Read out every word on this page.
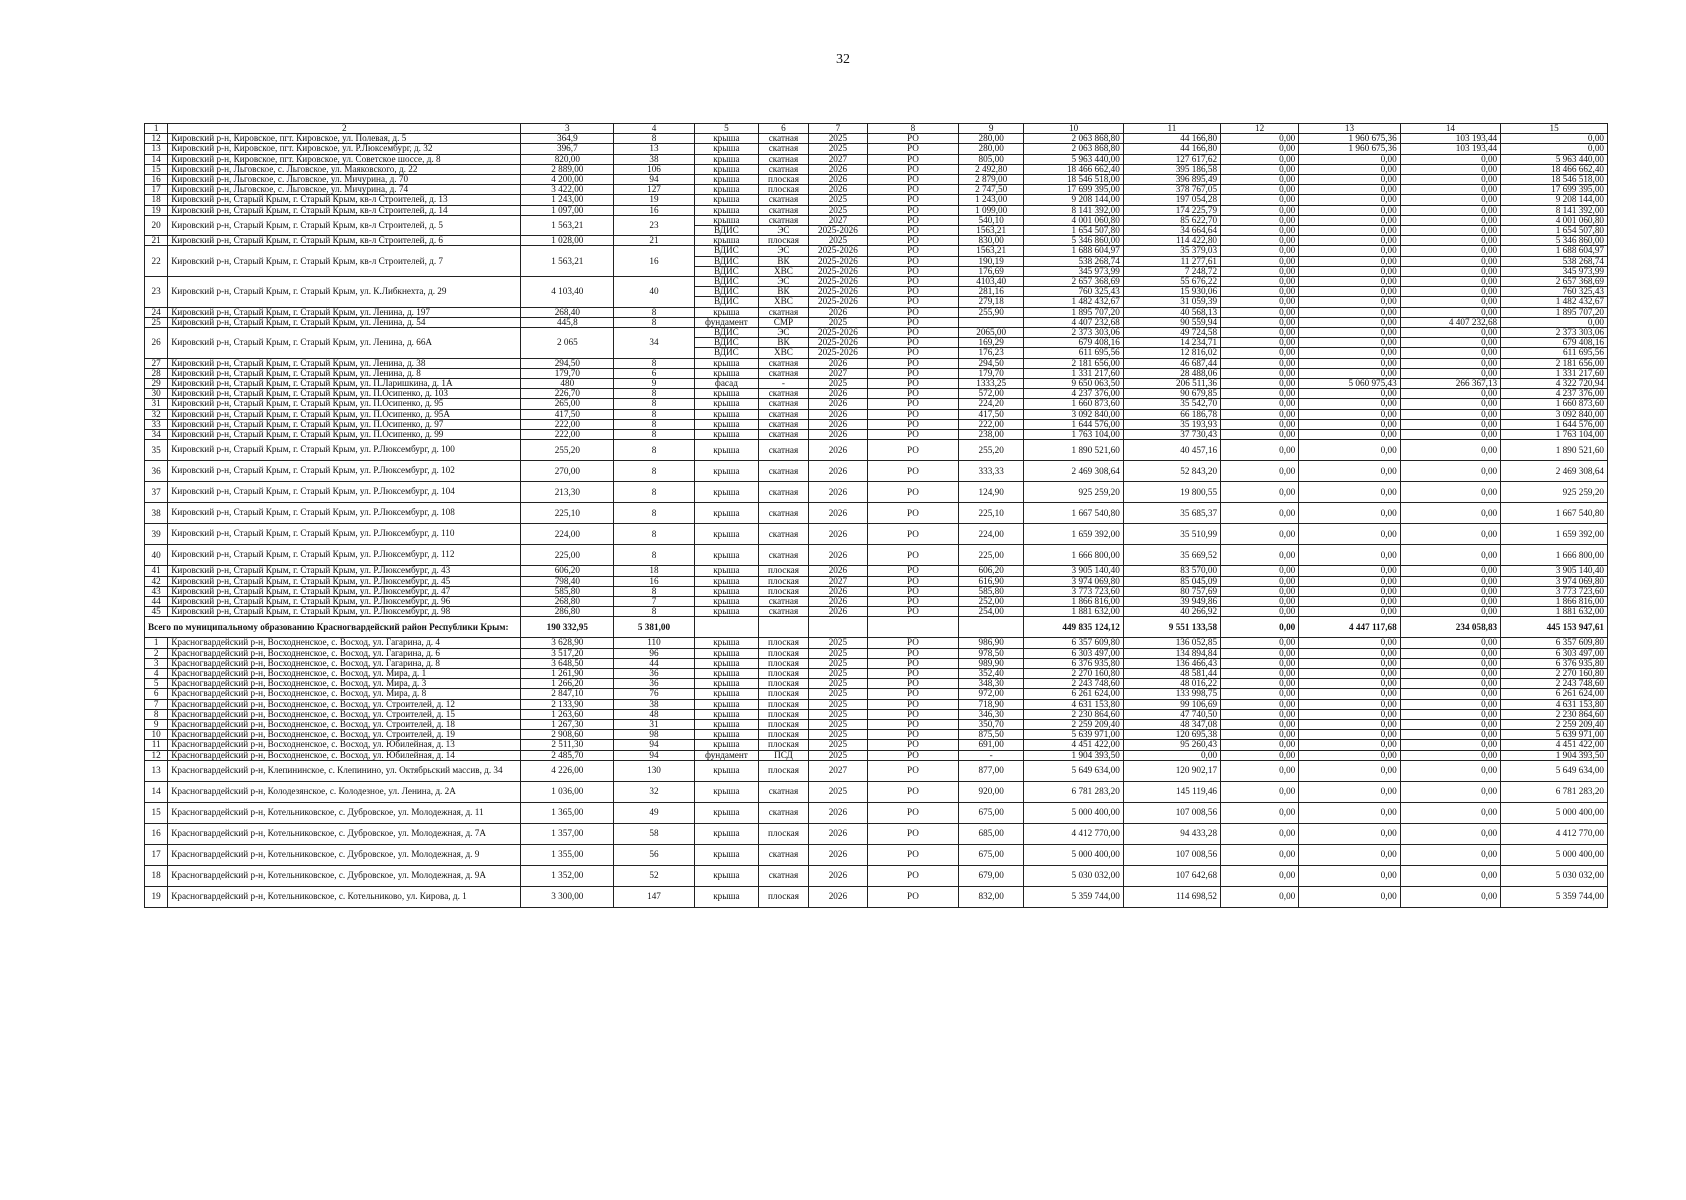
32
1	2	3	4	5	6	7	8	9	10	11	12	13	14	15
12	Кировский р-н, Кировское, пгт. Кировское, ул. Полевая, д. 5	364,9	8	крыша	скатная	2025	РО	280,00	2 063 868,80	44 166,80	0,00	1 960 675,36	103 193,44	0,00
13	Кировский р-н, Кировское, пгт. Кировское, ул. Р.Люксембург, д. 32	396,7	13	крыша	скатная	2025	РО	280,00	2 063 868,80	44 166,80	0,00	1 960 675,36	103 193,44	0,00
14	Кировский р-н, Кировское, пгт. Кировское, ул. Советское шоссе, д. 8	820,00	38	крыша	скатная	2027	РО	805,00	5 963 440,00	127 617,62	0,00	0,00	0,00	5 963 440,00
15	Кировский р-н, Льговское, с. Льговское, ул. Маяковского, д. 22	2 889,00	106	крыша	скатная	2026	РО	2 492,80	18 466 662,40	395 186,58	0,00	0,00	0,00	18 466 662,40
16	Кировский р-н, Льговское, с. Льговское, ул. Мичурина, д. 70	4 200,00	94	крыша	плоская	2026	РО	2 879,00	18 546 518,00	396 895,49	0,00	0,00	0,00	18 546 518,00
17	Кировский р-н, Льговское, с. Льговское, ул. Мичурина, д. 74	3 422,00	127	крыша	плоская	2026	РО	2 747,50	17 699 395,00	378 767,05	0,00	0,00	0,00	17 699 395,00
18	Кировский р-н, Старый Крым, г. Старый Крым, кв-л Строителей, д. 13	1 243,00	19	крыша	скатная	2025	РО	1 243,00	9 208 144,00	197 054,28	0,00	0,00	0,00	9 208 144,00
19	Кировский р-н, Старый Крым, г. Старый Крым, кв-л Строителей, д. 14	1 097,00	16	крыша	скатная	2025	РО	1 099,00	8 141 392,00	174 225,79	0,00	0,00	0,00	8 141 392,00
20	Кировский р-н, Старый Крым, г. Старый Крым, кв-л Строителей, д. 5	1 563,21	23	крыша	скатная	2027	РО	540,10	4 001 060,80	85 622,70	0,00	0,00	0,00	4 001 060,80
				ВДИС	ЭС	2025-2026	РО	1563,21	1 654 507,80	34 664,64	0,00	0,00	0,00	1 654 507,80
21	Кировский р-н, Старый Крым, г. Старый Крым, кв-л Строителей, д. 6	1 028,00	21	крыша	плоская	2025	РО	830,00	5 346 860,00	114 422,80	0,00	0,00	0,00	5 346 860,00
22	Кировский р-н, Старый Крым, г. Старый Крым, кв-л Строителей, д. 7	1 563,21	16	ВДИС	ЭС	2025-2026	РО	1563,21	1 688 604,97	35 379,03	0,00	0,00	0,00	1 688 604,97
				ВДИС	ВК	2025-2026	РО	190,19	538 268,74	11 277,61	0,00	0,00	0,00	538 268,74
				ВДИС	ХВС	2025-2026	РО	176,69	345 973,99	7 248,72	0,00	0,00	0,00	345 973,99
23	Кировский р-н, Старый Крым, г. Старый Крым, ул. К.Либкнехта, д. 29	4 103,40	40	ВДИС	ЭС	2025-2026	РО	4103,40	2 657 368,69	55 676,22	0,00	0,00	0,00	2 657 368,69
				ВДИС	ВК	2025-2026	РО	281,16	760 325,43	15 930,06	0,00	0,00	0,00	760 325,43
				ВДИС	ХВС	2025-2026	РО	279,18	1 482 432,67	31 059,39	0,00	0,00	0,00	1 482 432,67
24	Кировский р-н, Старый Крым, г. Старый Крым, ул. Ленина, д. 197	268,40	8	крыша	скатная	2026	РО	255,90	1 895 707,20	40 568,13	0,00	0,00	0,00	1 895 707,20
25	Кировский р-н, Старый Крым, г. Старый Крым, ул. Ленина, д. 54	445,8	8	фундамент	СМР	2025	РО		4 407 232,68	90 559,94	0,00	0,00	4 407 232,68	0,00
26	Кировский р-н, Старый Крым, г. Старый Крым, ул. Ленина, д. 66А	2 065	34	ВДИС	ЭС	2025-2026	РО	2065,00	2 373 303,06	49 724,58	0,00	0,00	0,00	2 373 303,06
				ВДИС	ВК	2025-2026	РО	169,29	679 408,16	14 234,71	0,00	0,00	0,00	679 408,16
				ВДИС	ХВС	2025-2026	РО	176,23	611 695,56	12 816,02	0,00	0,00	0,00	611 695,56
27	Кировский р-н, Старый Крым, г. Старый Крым, ул. Ленина, д. 38	294,50	8	крыша	скатная	2026	РО	294,50	2 181 656,00	46 687,44	0,00	0,00	0,00	2 181 656,00
28	Кировский р-н, Старый Крым, г. Старый Крым, ул. Ленина, д. 8	179,70	6	крыша	скатная	2027	РО	179,70	1 331 217,60	28 488,06	0,00	0,00	0,00	1 331 217,60
29	Кировский р-н, Старый Крым, г. Старый Крым, ул. П.Ларишкина, д. 1А	480	9	фасад	-	2025	РО	1333,25	9 650 063,50	206 511,36	0,00	5 060 975,43	266 367,13	4 322 720,94
30	Кировский р-н, Старый Крым, г. Старый Крым, ул. П.Осипенко, д. 103	226,70	8	крыша	скатная	2026	РО	572,00	4 237 376,00	90 679,85	0,00	0,00	0,00	4 237 376,00
31	Кировский р-н, Старый Крым, г. Старый Крым, ул. П.Осипенко, д. 95	265,00	8	крыша	скатная	2026	РО	224,20	1 660 873,60	35 542,70	0,00	0,00	0,00	1 660 873,60
32	Кировский р-н, Старый Крым, г. Старый Крым, ул. П.Осипенко, д. 95А	417,50	8	крыша	скатная	2026	РО	417,50	3 092 840,00	66 186,78	0,00	0,00	0,00	3 092 840,00
33	Кировский р-н, Старый Крым, г. Старый Крым, ул. П.Осипенко, д. 97	222,00	8	крыша	скатная	2026	РО	222,00	1 644 576,00	35 193,93	0,00	0,00	0,00	1 644 576,00
34	Кировский р-н, Старый Крым, г. Старый Крым, ул. П.Осипенко, д. 99	222,00	8	крыша	скатная	2026	РО	238,00	1 763 104,00	37 730,43	0,00	0,00	0,00	1 763 104,00
35	Кировский р-н, Старый Крым, г. Старый Крым, ул. Р.Люксембург, д. 100	255,20	8	крыша	скатная	2026	РО	255,20	1 890 521,60	40 457,16	0,00	0,00	0,00	1 890 521,60
36	Кировский р-н, Старый Крым, г. Старый Крым, ул. Р.Люксембург, д. 102	270,00	8	крыша	скатная	2026	РО	333,33	2 469 308,64	52 843,20	0,00	0,00	0,00	2 469 308,64
37	Кировский р-н, Старый Крым, г. Старый Крым, ул. Р.Люксембург, д. 104	213,30	8	крыша	скатная	2026	РО	124,90	925 259,20	19 800,55	0,00	0,00	0,00	925 259,20
38	Кировский р-н, Старый Крым, г. Старый Крым, ул. Р.Люксембург, д. 108	225,10	8	крыша	скатная	2026	РО	225,10	1 667 540,80	35 685,37	0,00	0,00	0,00	1 667 540,80
39	Кировский р-н, Старый Крым, г. Старый Крым, ул. Р.Люксембург, д. 110	224,00	8	крыша	скатная	2026	РО	224,00	1 659 392,00	35 510,99	0,00	0,00	0,00	1 659 392,00
40	Кировский р-н, Старый Крым, г. Старый Крым, ул. Р.Люксембург, д. 112	225,00	8	крыша	скатная	2026	РО	225,00	1 666 800,00	35 669,52	0,00	0,00	0,00	1 666 800,00
41	Кировский р-н, Старый Крым, г. Старый Крым, ул. Р.Люксембург, д. 43	606,20	18	крыша	плоская	2026	РО	606,20	3 905 140,40	83 570,00	0,00	0,00	0,00	3 905 140,40
42	Кировский р-н, Старый Крым, г. Старый Крым, ул. Р.Люксембург, д. 45	798,40	16	крыша	плоская	2027	РО	616,90	3 974 069,80	85 045,09	0,00	0,00	0,00	3 974 069,80
43	Кировский р-н, Старый Крым, г. Старый Крым, ул. Р.Люксембург, д. 47	585,80	8	крыша	плоская	2026	РО	585,80	3 773 723,60	80 757,69	0,00	0,00	0,00	3 773 723,60
44	Кировский р-н, Старый Крым, г. Старый Крым, ул. Р.Люксембург, д. 96	268,80	7	крыша	скатная	2026	РО	252,00	1 866 816,00	39 949,86	0,00	0,00	0,00	1 866 816,00
45	Кировский р-н, Старый Крым, г. Старый Крым, ул. Р.Люксембург, д. 98	286,80	8	крыша	скатная	2026	РО	254,00	1 881 632,00	40 266,92	0,00	0,00	0,00	1 881 632,00
Всего по муниципальному образованию Красногвардейский район Республики Крым:		190 332,95	5 381,00						449 835 124,12	9 551 133,58	0,00	4 447 117,68	234 058,83	445 153 947,61
1	Красногвардейский р-н, Восходненское, с. Восход, ул. Гагарина, д. 4	3 628,90	110	крыша	плоская	2025	РО	986,90	6 357 609,80	136 052,85	0,00	0,00	0,00	6 357 609,80
2	Красногвардейский р-н, Восходненское, с. Восход, ул. Гагарина, д. 6	3 517,20	96	крыша	плоская	2025	РО	978,50	6 303 497,00	134 894,84	0,00	0,00	0,00	6 303 497,00
3	Красногвардейский р-н, Восходненское, с. Восход, ул. Гагарина, д. 8	3 648,50	44	крыша	плоская	2025	РО	989,90	6 376 935,80	136 466,43	0,00	0,00	0,00	6 376 935,80
4	Красногвардейский р-н, Восходненское, с. Восход, ул. Мира, д. 1	1 261,90	36	крыша	плоская	2025	РО	352,40	2 270 160,80	48 581,44	0,00	0,00	0,00	2 270 160,80
5	Красногвардейский р-н, Восходненское, с. Восход, ул. Мира, д. 3	1 266,20	36	крыша	плоская	2025	РО	348,30	2 243 748,60	48 016,22	0,00	0,00	0,00	2 243 748,60
6	Красногвардейский р-н, Восходненское, с. Восход, ул. Мира, д. 8	2 847,10	76	крыша	плоская	2025	РО	972,00	6 261 624,00	133 998,75	0,00	0,00	0,00	6 261 624,00
7	Красногвардейский р-н, Восходненское, с. Восход, ул. Строителей, д. 12	2 133,90	38	крыша	плоская	2025	РО	718,90	4 631 153,80	99 106,69	0,00	0,00	0,00	4 631 153,80
8	Красногвардейский р-н, Восходненское, с. Восход, ул. Строителей, д. 15	1 263,60	48	крыша	плоская	2025	РО	346,30	2 230 864,60	47 740,50	0,00	0,00	0,00	2 230 864,60
9	Красногвардейский р-н, Восходненское, с. Восход, ул. Строителей, д. 18	1 267,30	31	крыша	плоская	2025	РО	350,70	2 259 209,40	48 347,08	0,00	0,00	0,00	2 259 209,40
10	Красногвардейский р-н, Восходненское, с. Восход, ул. Строителей, д. 19	2 908,60	98	крыша	плоская	2025	РО	875,50	5 639 971,00	120 695,38	0,00	0,00	0,00	5 639 971,00
11	Красногвардейский р-н, Восходненское, с. Восход, ул. Юбилейная, д. 13	2 511,30	94	крыша	плоская	2025	РО	691,00	4 451 422,00	95 260,43	0,00	0,00	0,00	4 451 422,00
12	Красногвардейский р-н, Восходненское, с. Восход, ул. Юбилейная, д. 14	2 485,70	94	фундамент	ПСД	2025	РО	-	1 904 393,50	0,00	0,00	0,00	0,00	1 904 393,50
13	Красногвардейский р-н, Клепининское, с. Клепинино, ул. Октябрьский массив, д. 34	4 226,00	130	крыша	плоская	2027	РО	877,00	5 649 634,00	120 902,17	0,00	0,00	0,00	5 649 634,00
14	Красногвардейский р-н, Колодезянское, с. Колодезное, ул. Ленина, д. 2А	1 036,00	32	крыша	скатная	2025	РО	920,00	6 781 283,20	145 119,46	0,00	0,00	0,00	6 781 283,20
15	Красногвардейский р-н, Котельниковское, с. Дубровское, ул. Молодежная, д. 11	1 365,00	49	крыша	скатная	2026	РО	675,00	5 000 400,00	107 008,56	0,00	0,00	0,00	5 000 400,00
16	Красногвардейский р-н, Котельниковское, с. Дубровское, ул. Молодежная, д. 7А	1 357,00	58	крыша	плоская	2026	РО	685,00	4 412 770,00	94 433,28	0,00	0,00	0,00	4 412 770,00
17	Красногвардейский р-н, Котельниковское, с. Дубровское, ул. Молодежная, д. 9	1 355,00	56	крыша	скатная	2026	РО	675,00	5 000 400,00	107 008,56	0,00	0,00	0,00	5 000 400,00
18	Красногвардейский р-н, Котельниковское, с. Дубровское, ул. Молодежная, д. 9А	1 352,00	52	крыша	скатная	2026	РО	679,00	5 030 032,00	107 642,68	0,00	0,00	0,00	5 030 032,00
19	Красногвардейский р-н, Котельниковское, с. Котельниково, ул. Кирова, д. 1	3 300,00	147	крыша	плоская	2026	РО	832,00	5 359 744,00	114 698,52	0,00	0,00	0,00	5 359 744,00
